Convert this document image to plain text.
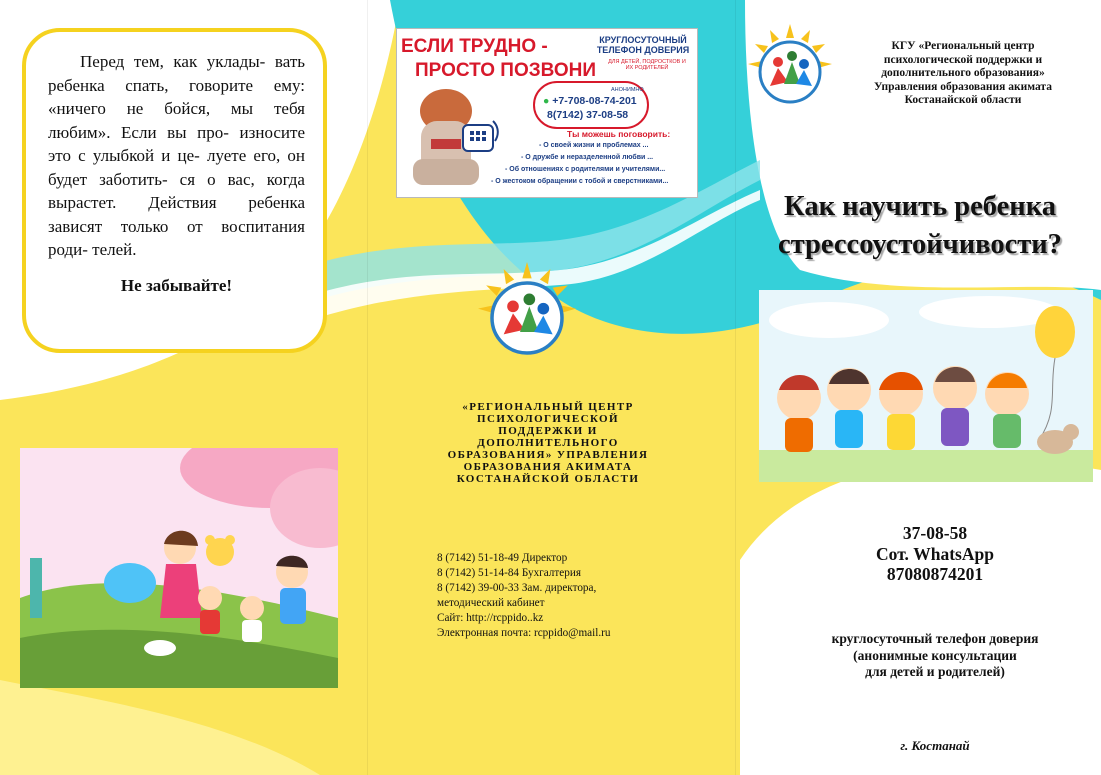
Перед тем, как уклады- вать ребенка спать, говорите ему: «ничего не бойся, мы тебя любим». Если вы про- износите это с улыбкой и це- луете его, он будет заботить- ся о вас, когда вырастет. Действия ребенка зависят только от воспитания роди- телей.

Не забывайте!

ЕСЛИ ТРУДНО -
ПРОСТО ПОЗВОНИ
КРУГЛОСУТОЧНЫЙ ТЕЛЕФОН ДОВЕРИЯ
ДЛЯ ДЕТЕЙ, ПОДРОСТКОВ И ИХ РОДИТЕЛЕЙ
АНОНИМНО
● +7-708-08-74-201
8(7142) 37-08-58
Ты можешь поговорить:
- О своей жизни и проблемах ...
- О дружбе и неразделенной любви ...
- Об отношениях с родителями и учителями...
- О жестоком обращении с тобой и сверстниками...
КГУ «Региональный центр
психологической поддержки и
дополнительного образования»
Управления образования акимата
Костанайской области
Как научить ребенка
стрессоустойчивости?
«РЕГИОНАЛЬНЫЙ ЦЕНТР
ПСИХОЛОГИЧЕСКОЙ
ПОДДЕРЖКИ И
ДОПОЛНИТЕЛЬНОГО
ОБРАЗОВАНИЯ» УПРАВЛЕНИЯ
ОБРАЗОВАНИЯ АКИМАТА
КОСТАНАЙСКОЙ ОБЛАСТИ
8 (7142) 51-18-49 Директор
8 (7142) 51-14-84 Бухгалтерия
8 (7142) 39-00-33 Зам. директора,
методический кабинет
Сайт: http://rcppido..kz
Электронная почта: rcppido@mail.ru
37-08-58
Сот. WhatsApp
87080874201
круглосуточный телефон доверия
(анонимные консультации
для детей и родителей)
г. Костанай
